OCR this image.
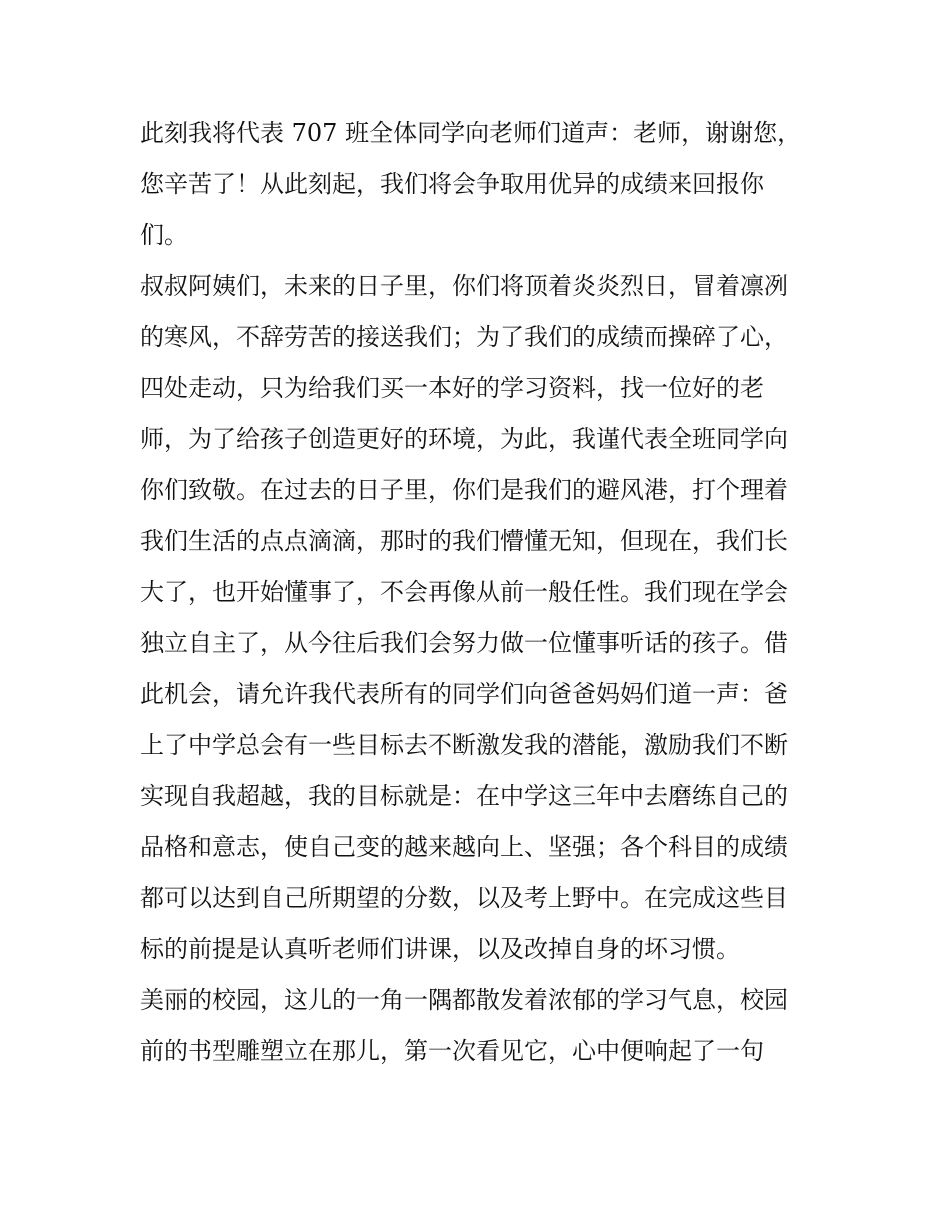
此刻我将代表 707 班全体同学向老师们道声：老师，谢谢您，
您辛苦了！从此刻起，我们将会争取用优异的成绩来回报你
们。
叔叔阿姨们，未来的日子里，你们将顶着炎炎烈日，冒着凛冽
的寒风，不辞劳苦的接送我们；为了我们的成绩而操碎了心，
四处走动，只为给我们买一本好的学习资料，找一位好的老
师，为了给孩子创造更好的环境，为此，我谨代表全班同学向
你们致敬。在过去的日子里，你们是我们的避风港，打个理着
我们生活的点点滴滴，那时的我们懵懂无知，但现在，我们长
大了，也开始懂事了，不会再像从前一般任性。我们现在学会
独立自主了，从今往后我们会努力做一位懂事听话的孩子。借
此机会，请允许我代表所有的同学们向爸爸妈妈们道一声：爸
上了中学总会有一些目标去不断激发我的潜能，激励我们不断
实现自我超越，我的目标就是：在中学这三年中去磨练自己的
品格和意志，使自己变的越来越向上、坚强；各个科目的成绩
都可以达到自己所期望的分数，以及考上野中。在完成这些目
标的前提是认真听老师们讲课，以及改掉自身的坏习惯。
美丽的校园，这儿的一角一隅都散发着浓郁的学习气息，校园
前的书型雕塑立在那儿，第一次看见它，心中便响起了一句
